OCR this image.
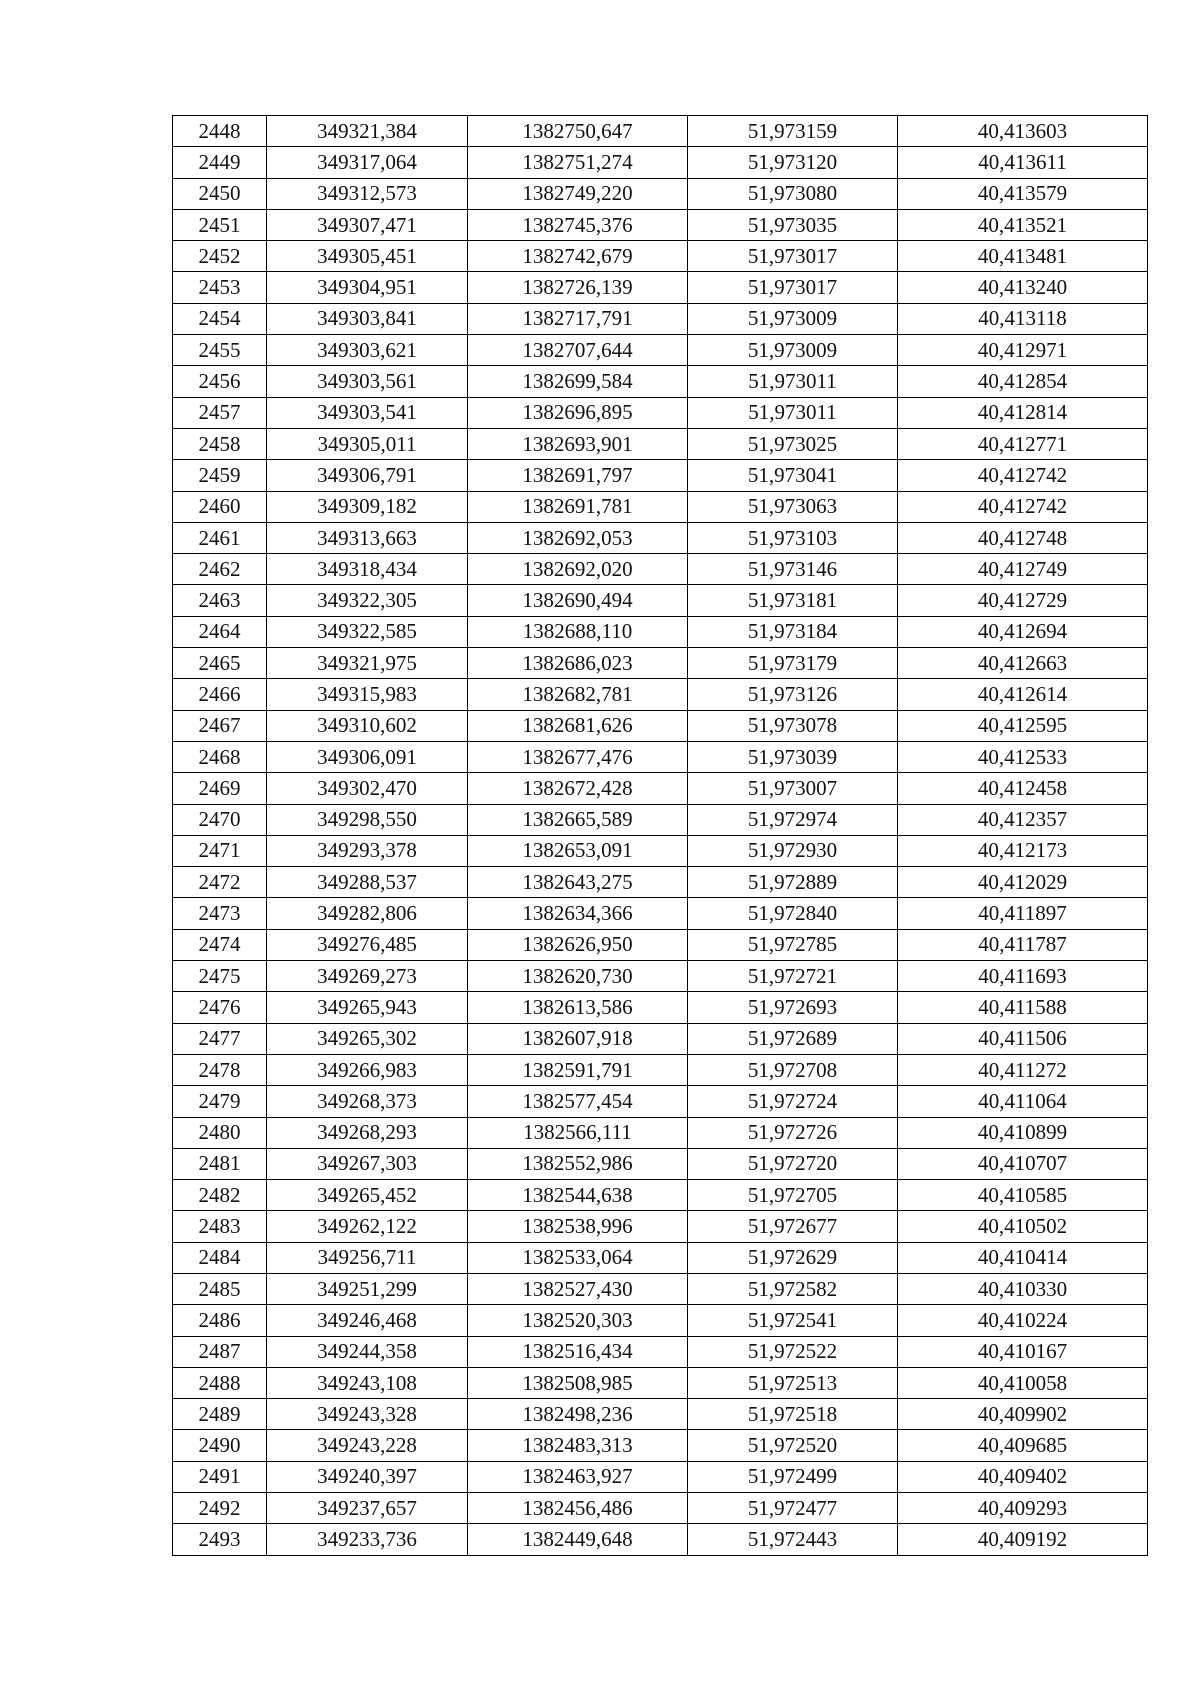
2448	349321,384	1382750,647	51,973159	40,413603
2449	349317,064	1382751,274	51,973120	40,413611
2450	349312,573	1382749,220	51,973080	40,413579
2451	349307,471	1382745,376	51,973035	40,413521
2452	349305,451	1382742,679	51,973017	40,413481
2453	349304,951	1382726,139	51,973017	40,413240
2454	349303,841	1382717,791	51,973009	40,413118
2455	349303,621	1382707,644	51,973009	40,412971
2456	349303,561	1382699,584	51,973011	40,412854
2457	349303,541	1382696,895	51,973011	40,412814
2458	349305,011	1382693,901	51,973025	40,412771
2459	349306,791	1382691,797	51,973041	40,412742
2460	349309,182	1382691,781	51,973063	40,412742
2461	349313,663	1382692,053	51,973103	40,412748
2462	349318,434	1382692,020	51,973146	40,412749
2463	349322,305	1382690,494	51,973181	40,412729
2464	349322,585	1382688,110	51,973184	40,412694
2465	349321,975	1382686,023	51,973179	40,412663
2466	349315,983	1382682,781	51,973126	40,412614
2467	349310,602	1382681,626	51,973078	40,412595
2468	349306,091	1382677,476	51,973039	40,412533
2469	349302,470	1382672,428	51,973007	40,412458
2470	349298,550	1382665,589	51,972974	40,412357
2471	349293,378	1382653,091	51,972930	40,412173
2472	349288,537	1382643,275	51,972889	40,412029
2473	349282,806	1382634,366	51,972840	40,411897
2474	349276,485	1382626,950	51,972785	40,411787
2475	349269,273	1382620,730	51,972721	40,411693
2476	349265,943	1382613,586	51,972693	40,411588
2477	349265,302	1382607,918	51,972689	40,411506
2478	349266,983	1382591,791	51,972708	40,411272
2479	349268,373	1382577,454	51,972724	40,411064
2480	349268,293	1382566,111	51,972726	40,410899
2481	349267,303	1382552,986	51,972720	40,410707
2482	349265,452	1382544,638	51,972705	40,410585
2483	349262,122	1382538,996	51,972677	40,410502
2484	349256,711	1382533,064	51,972629	40,410414
2485	349251,299	1382527,430	51,972582	40,410330
2486	349246,468	1382520,303	51,972541	40,410224
2487	349244,358	1382516,434	51,972522	40,410167
2488	349243,108	1382508,985	51,972513	40,410058
2489	349243,328	1382498,236	51,972518	40,409902
2490	349243,228	1382483,313	51,972520	40,409685
2491	349240,397	1382463,927	51,972499	40,409402
2492	349237,657	1382456,486	51,972477	40,409293
2493	349233,736	1382449,648	51,972443	40,409192
